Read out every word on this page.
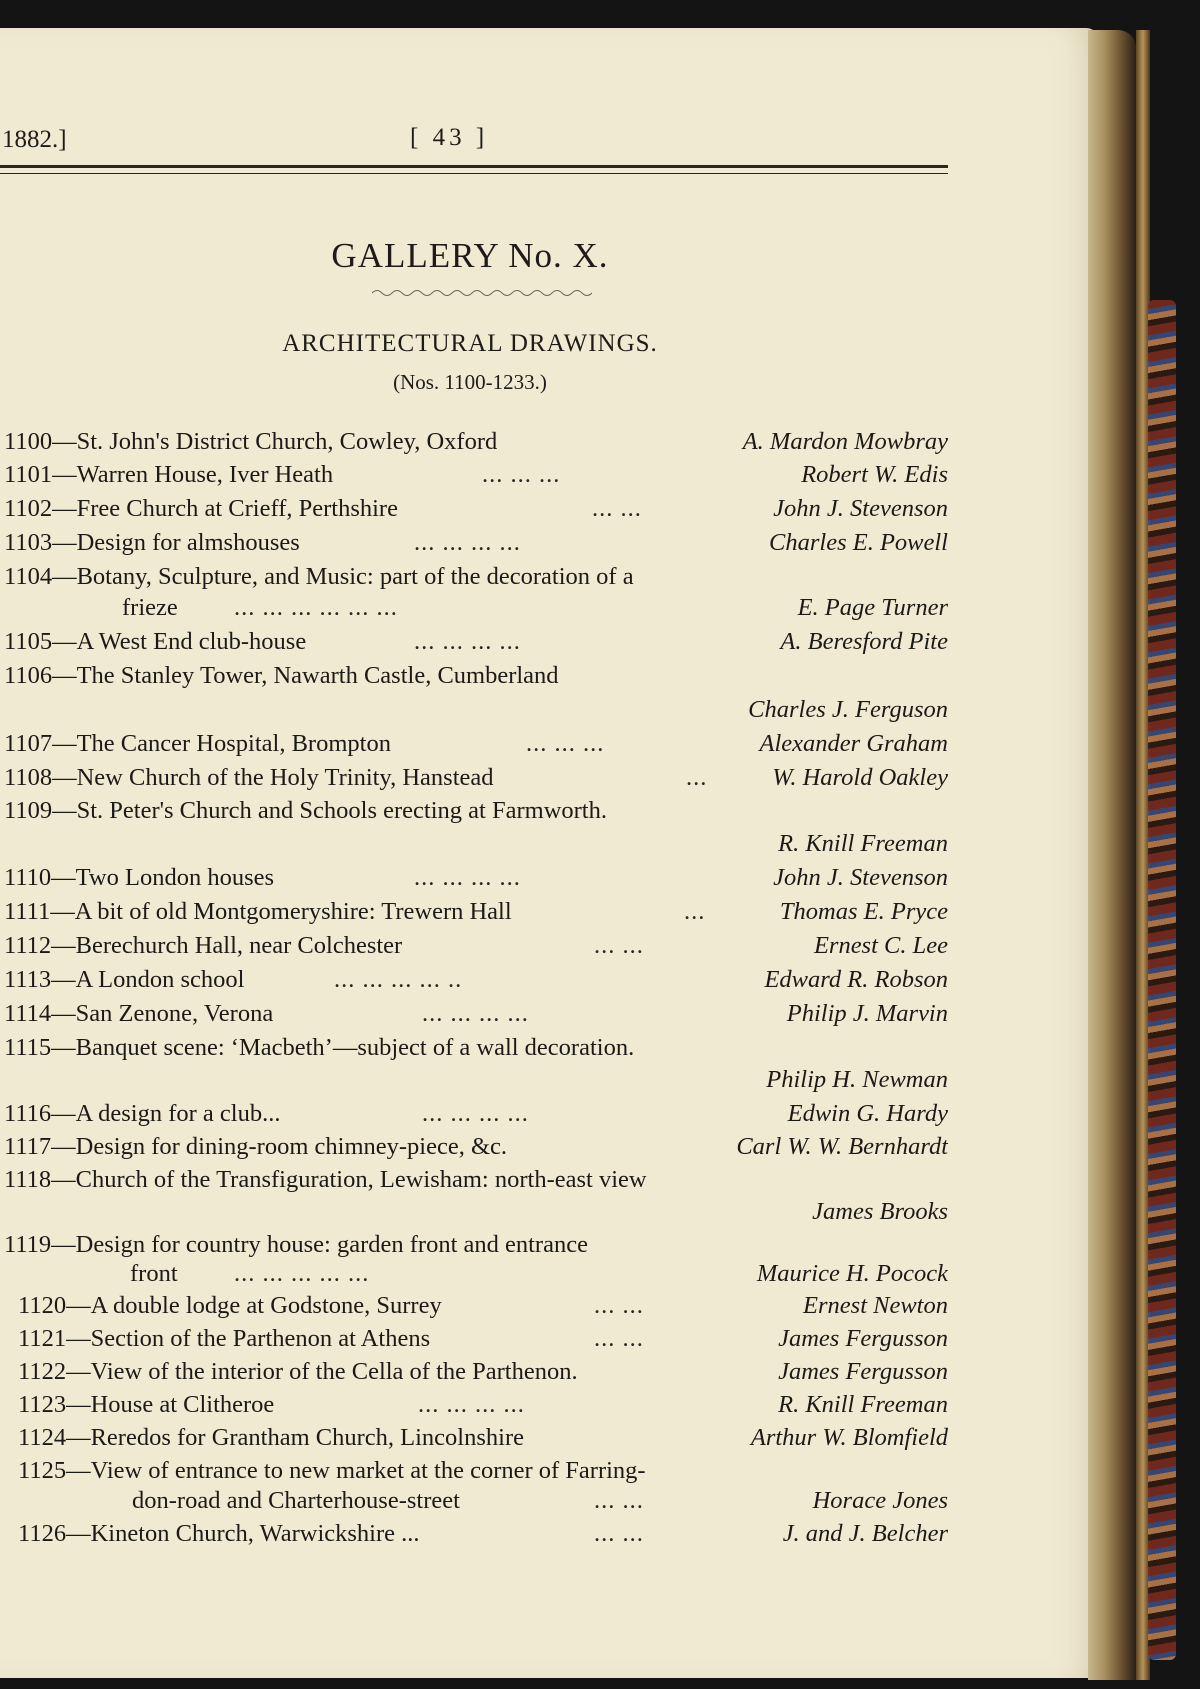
1882.]	[ 43 ]
GALLERY No. X.
ARCHITECTURAL DRAWINGS.
(Nos. 1100-1233.)
1100—St. John's District Church, Cowley, Oxford	A. Mardon Mowbray
1101—Warren House, Iver Heath	... ... ...	Robert W. Edis
1102—Free Church at Crieff, Perthshire	... ...	John J. Stevenson
1103—Design for almshouses	... ... ... ...	Charles E. Powell
1104—Botany, Sculpture, and Music: part of the decoration of a
frieze ... ... ... ... ... ...	E. Page Turner
1105—A West End club-house	... ... ... ...	A. Beresford Pite
1106—The Stanley Tower, Nawarth Castle, Cumberland
Charles J. Ferguson
1107—The Cancer Hospital, Brompton	... ... ...	Alexander Graham
1108—New Church of the Holy Trinity, Hanstead	...	W. Harold Oakley
1109—St. Peter's Church and Schools erecting at Farmworth.
R. Knill Freeman
1110—Two London houses	... ... ... ...	John J. Stevenson
1111—A bit of old Montgomeryshire: Trewern Hall	...	Thomas E. Pryce
1112—Berechurch Hall, near Colchester	... ...	Ernest C. Lee
1113—A London school	... ... ... ... ..	Edward R. Robson
1114—San Zenone, Verona	... ... ... ...	Philip J. Marvin
1115—Banquet scene: ‘Macbeth’—subject of a wall decoration.
Philip H. Newman
1116—A design for a club...	... ... ... ...	Edwin G. Hardy
1117—Design for dining-room chimney-piece, &c.	Carl W. W. Bernhardt
1118—Church of the Transfiguration, Lewisham: north-east view
James Brooks
1119—Design for country house: garden front and entrance
front ... ... ... ... ...	Maurice H. Pocock
1120—A double lodge at Godstone, Surrey	... ...	Ernest Newton
1121—Section of the Parthenon at Athens	... ...	James Fergusson
1122—View of the interior of the Cella of the Parthenon.	James Fergusson
1123—House at Clitheroe	... ... ... ...	R. Knill Freeman
1124—Reredos for Grantham Church, Lincolnshire	Arthur W. Blomfield
1125—View of entrance to new market at the corner of Farring-
don-road and Charterhouse-street	... ...	Horace Jones
1126—Kineton Church, Warwickshire ...	... ...	J. and J. Belcher
